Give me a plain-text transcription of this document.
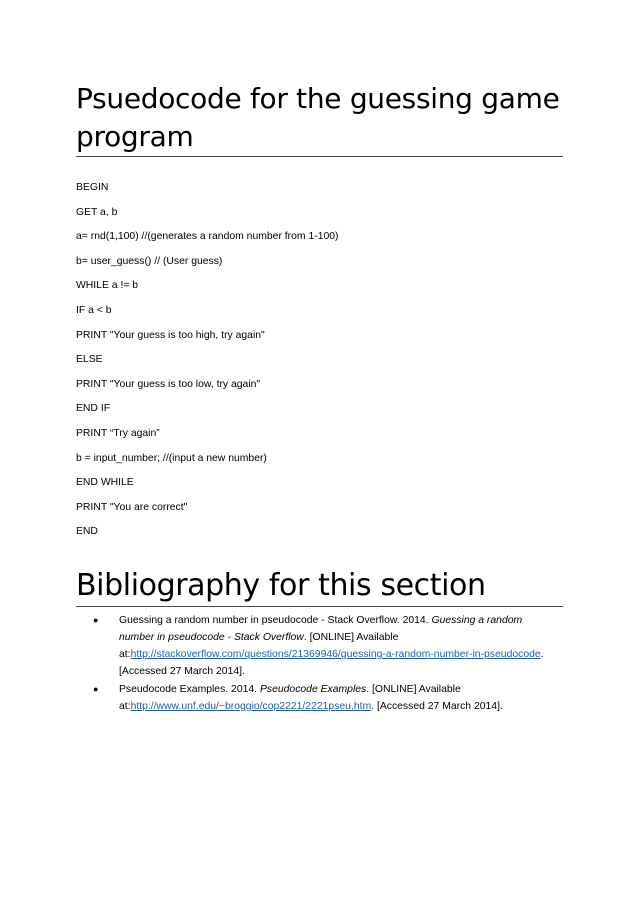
Psuedocode for the guessing game program
BEGIN
GET a, b
a= rnd(1,100) //(generates a random number from 1-100)
b= user_guess() // (User guess)
WHILE a != b
IF a < b
PRINT "Your guess is too high, try again"
ELSE
PRINT "Your guess is too low, try again"
END IF
PRINT “Try again”
b = input_number; //(input a new number)
END WHILE
PRINT "You are correct"
END
Bibliography for this section
● Guessing a random number in pseudocode - Stack Overflow. 2014. Guessing a random number in pseudocode - Stack Overflow. [ONLINE] Available at:http://stackoverflow.com/questions/21369946/guessing-a-random-number-in-pseudocode. [Accessed 27 March 2014].
● Pseudocode Examples. 2014. Pseudocode Examples. [ONLINE] Available at:http://www.unf.edu/~broggio/cop2221/2221pseu.htm. [Accessed 27 March 2014].
